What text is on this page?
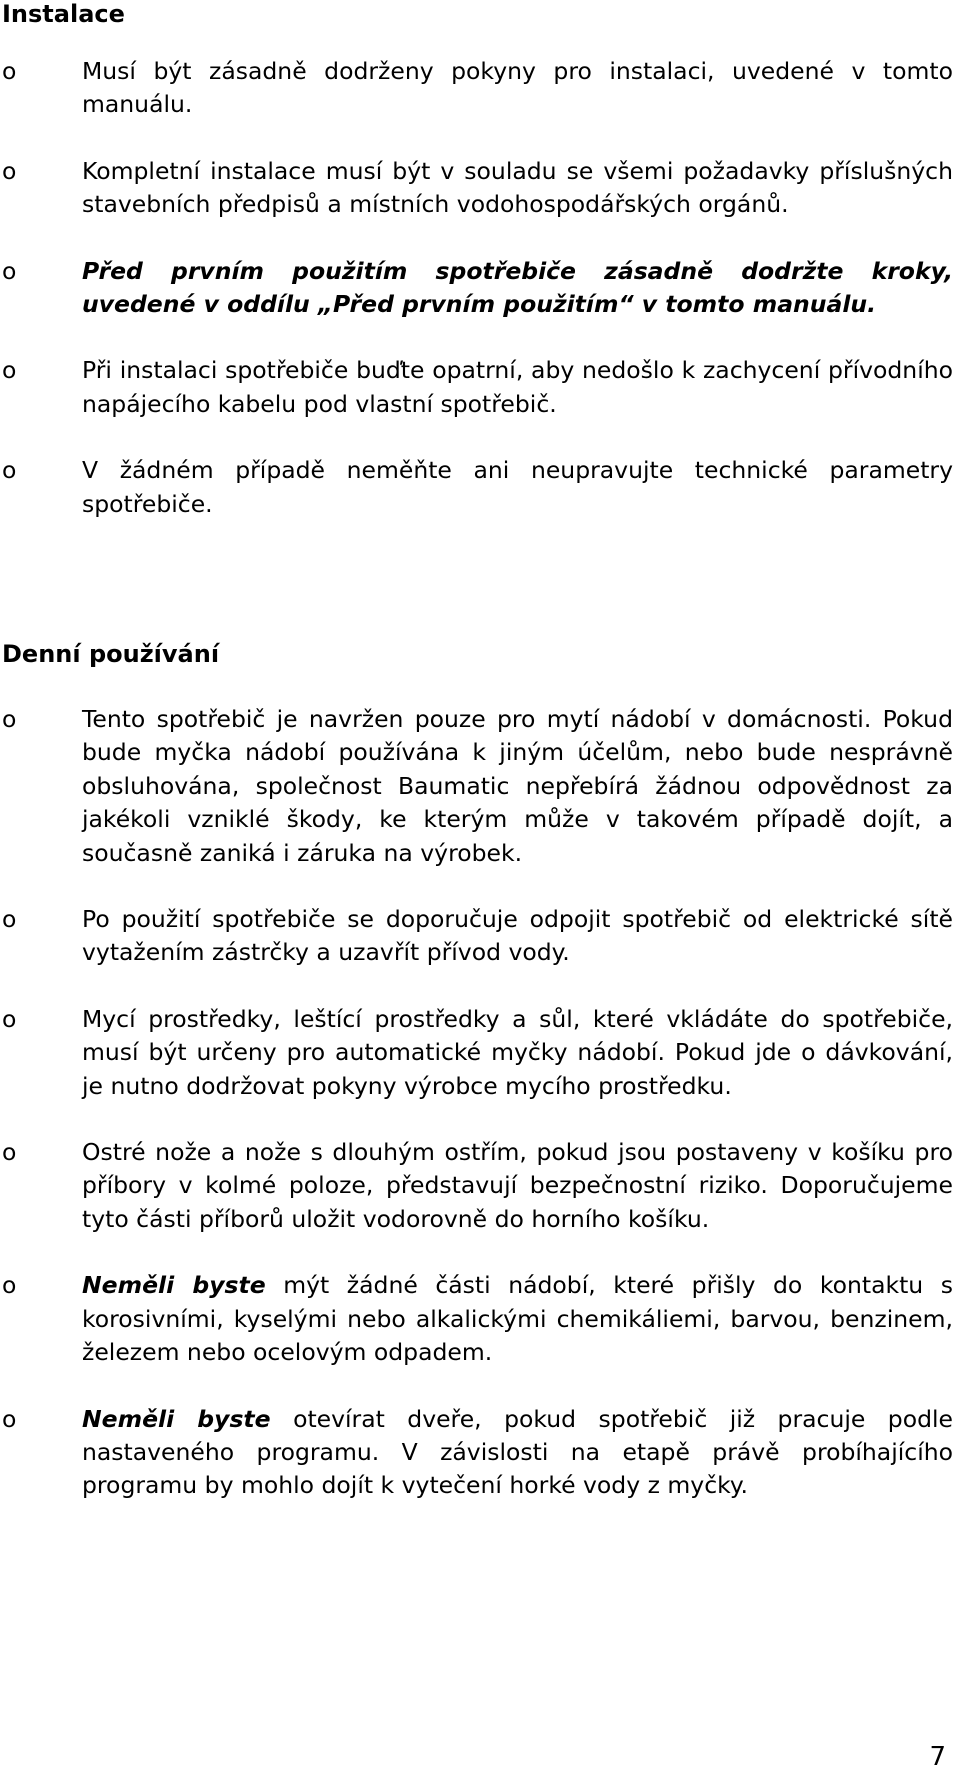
Instalace
o	Musí být zásadně dodrženy pokyny pro instalaci, uvedené v tomto manuálu.
o	Kompletní instalace musí být v souladu se všemi požadavky příslušných stavebních předpisů a místních vodohospodářských orgánů.
o	Před prvním použitím spotřebiče zásadně dodržte kroky, uvedené v oddílu „Před prvním použitím“ v tomto manuálu.
o	Při instalaci spotřebiče buďte opatrní, aby nedošlo k zachycení přívodního napájecího kabelu pod vlastní spotřebič.
o	V žádném případě neměňte ani neupravujte technické parametry spotřebiče.
Denní používání
o	Tento spotřebič je navržen pouze pro mytí nádobí v domácnosti. Pokud bude myčka nádobí používána k jiným účelům, nebo bude nesprávně obsluhována, společnost Baumatic nepřebírá žádnou odpovědnost za jakékoli vzniklé škody, ke kterým může v takovém případě dojít, a současně zaniká i záruka na výrobek.
o	Po použití spotřebiče se doporučuje odpojit spotřebič od elektrické sítě vytažením zástrčky a uzavřít přívod vody.
o	Mycí prostředky, leštící prostředky a sůl, které vkládáte do spotřebiče, musí být určeny pro automatické myčky nádobí. Pokud jde o dávkování, je nutno dodržovat pokyny výrobce mycího prostředku.
o	Ostré nože a nože s dlouhým ostřím, pokud jsou postaveny v košíku pro příbory v kolmé poloze, představují bezpečnostní riziko. Doporučujeme tyto části příborů uložit vodorovně do horního košíku.
o	Neměli byste mýt žádné části nádobí, které přišly do kontaktu s korosivními, kyselými nebo alkalickými chemikáliemi, barvou, benzinem, železem nebo ocelovým odpadem.
o	Neměli byste otevírat dveře, pokud spotřebič již pracuje podle nastaveného programu. V závislosti na etapě právě probíhajícího programu by mohlo dojít k vytečení horké vody z myčky.
7
